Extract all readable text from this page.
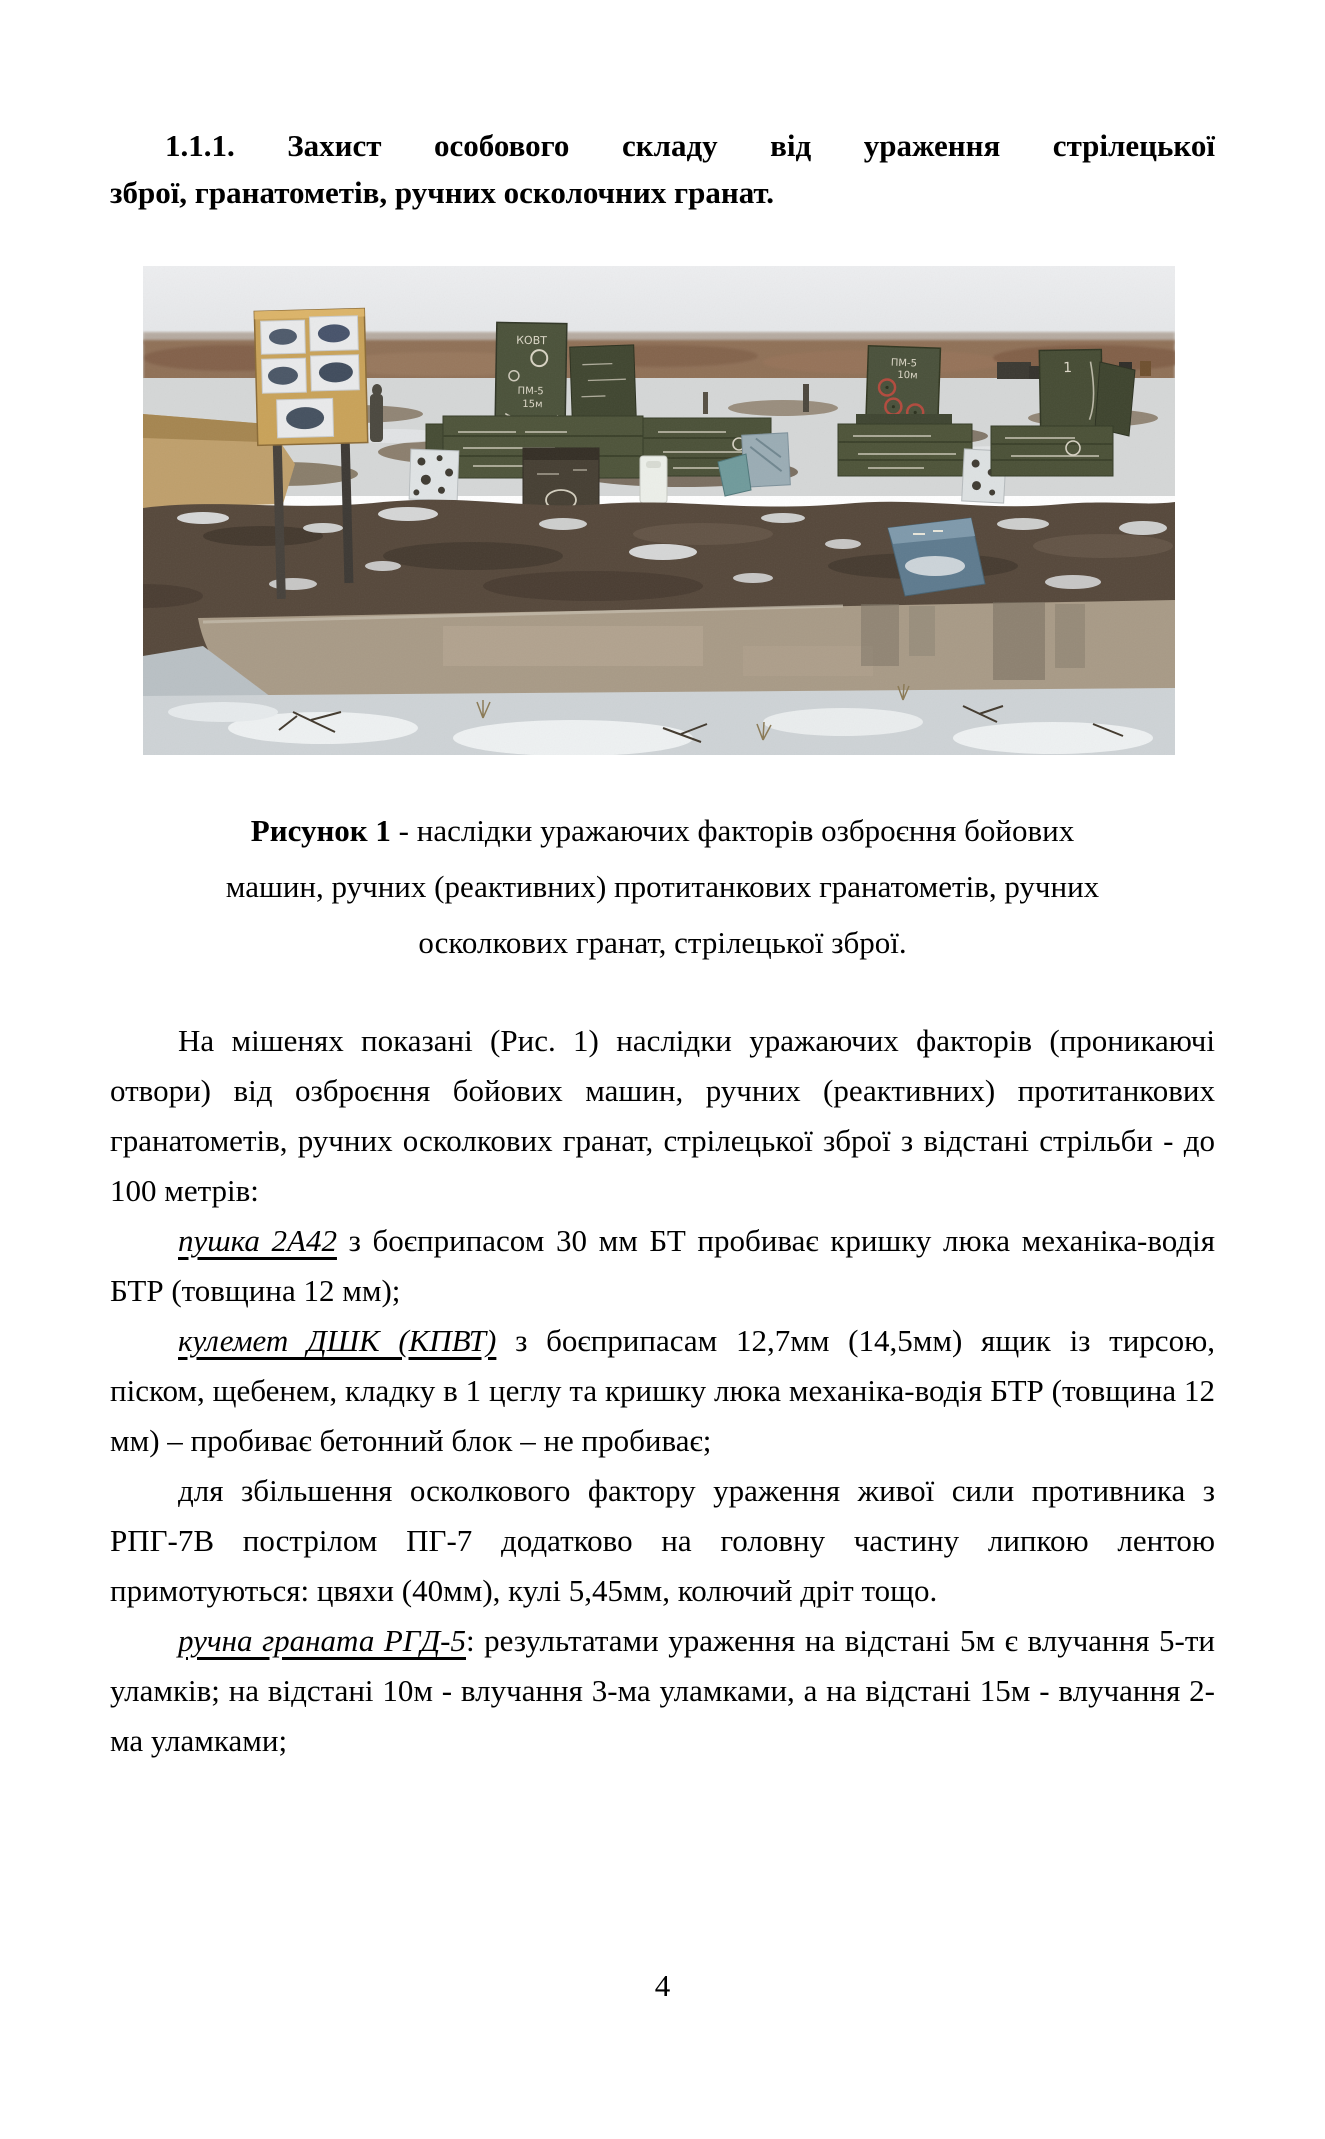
1.1.1. Захист особового складу від ураження стрілецької
зброї, гранатометів, ручних осколочних гранат.
КОВТ
ПМ-5
15м
ПМ-5
10м	1
Рисунок 1 - наслідки уражаючих факторів озброєння бойових
машин, ручних (реактивних) протитанкових гранатометів, ручних
осколкових гранат, стрілецької зброї.

На мішенях показані (Рис. 1) наслідки уражаючих факторів (проникаючі отвори) від озброєння бойових машин, ручних (реактивних) протитанкових гранатометів, ручних осколкових гранат, стрілецької зброї з відстані стрільби - до 100 метрів:

пушка 2А42 з боєприпасом 30 мм БТ пробиває кришку люка механіка-водія БТР (товщина 12 мм);

кулемет ДШК (КПВТ) з боєприпасам 12,7мм (14,5мм) ящик із тирсою, піском, щебенем, кладку в 1 цеглу та кришку люка механіка-водія БТР (товщина 12 мм) – пробиває бетонний блок – не пробиває;

для збільшення осколкового фактору ураження живої сили противника з РПГ-7В пострілом ПГ-7 додатково на головну частину липкою лентою примотуються: цвяхи (40мм), кулі 5,45мм, колючий дріт тощо.

ручна граната РГД-5: результатами ураження на відстані 5м є влучання 5-ти уламків; на відстані 10м - влучання 3-ма уламками, а на відстані 15м - влучання 2-ма уламками;

4
